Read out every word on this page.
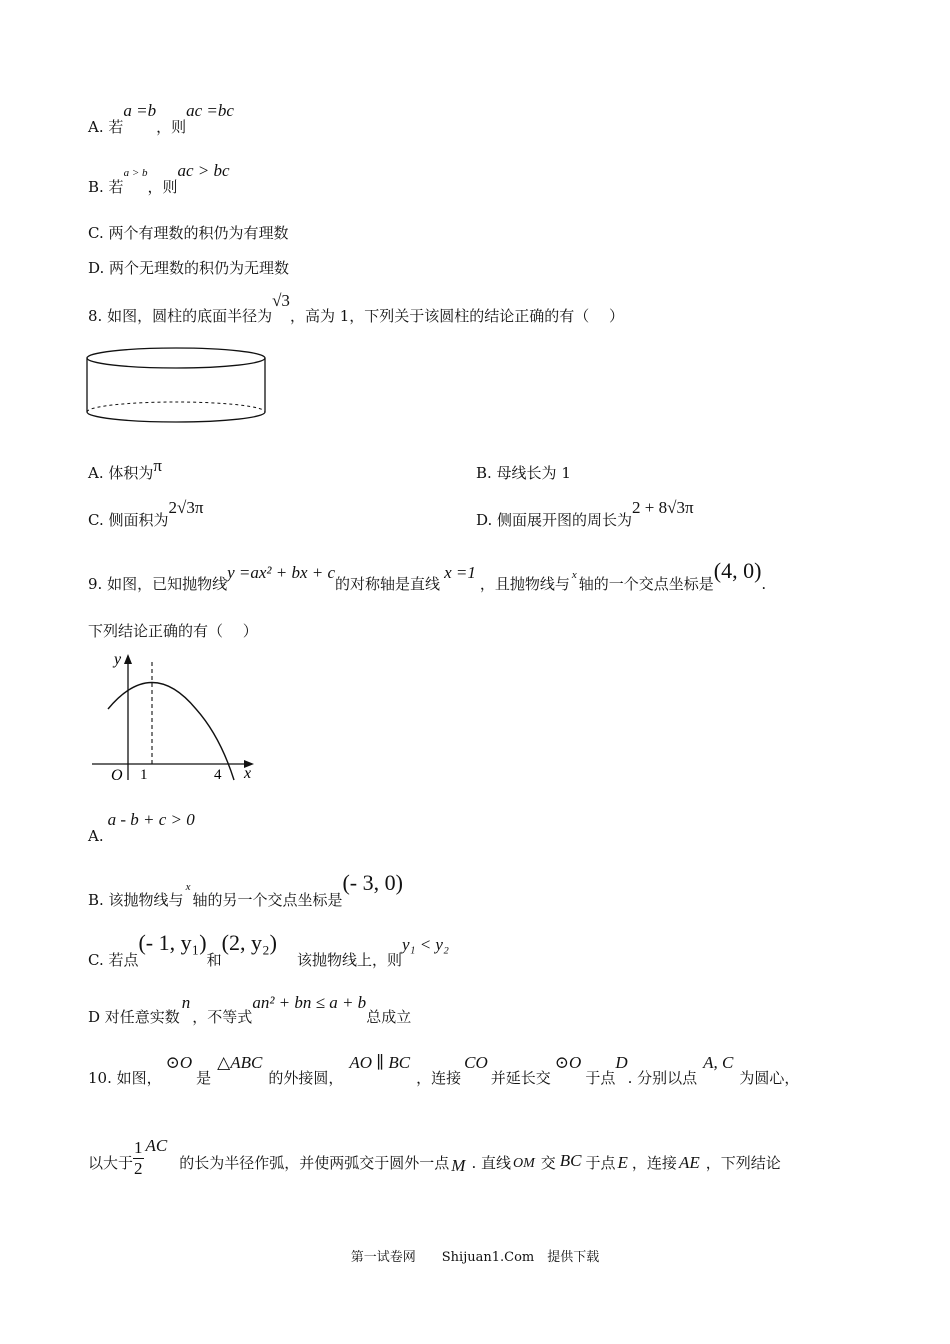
A. 若a =b，则ac =bc
B. 若a > b，则ac > bc
C. 两个有理数的积仍为有理数
D. 两个无理数的积仍为无理数
8. 如图，圆柱的底面半径为√3，高为 1，下列关于该圆柱的结论正确的有（　 ）
A. 体积为π	B. 母线长为 1
C. 侧面积为2√3π
D. 侧面展开图的周长为2 + 8√3π
9. 如图，已知抛物线y =ax² + bx + c的对称轴是直线x =1，且抛物线与 x 轴的一个交点坐标是(4, 0).
下列结论正确的有（　 ）
y
x
O 1	4
A.a - b + c > 0
B. 该抛物线与x轴的另一个交点坐标是(- 3, 0)
C. 若点(- 1, y₁)和(2, y₂)该抛物线上，则y₁ < y₂
D 对任意实数n，不等式an² + bn ≤ a + b总成立
10. 如图，⊙O是△ABC的外接圆，AO ∥ BC，连接CO并延长交⊙O于点D. 分别以点A, C为圆心，
以大于 $\frac{1}{2}$ AC的长为半径作弧，并使两弧交于圆外一点 M . 直线 OM 交 BC 于点 E ，连接 AE ，下列结论
第一试卷网　　Shijuan1.Com　提供下载
